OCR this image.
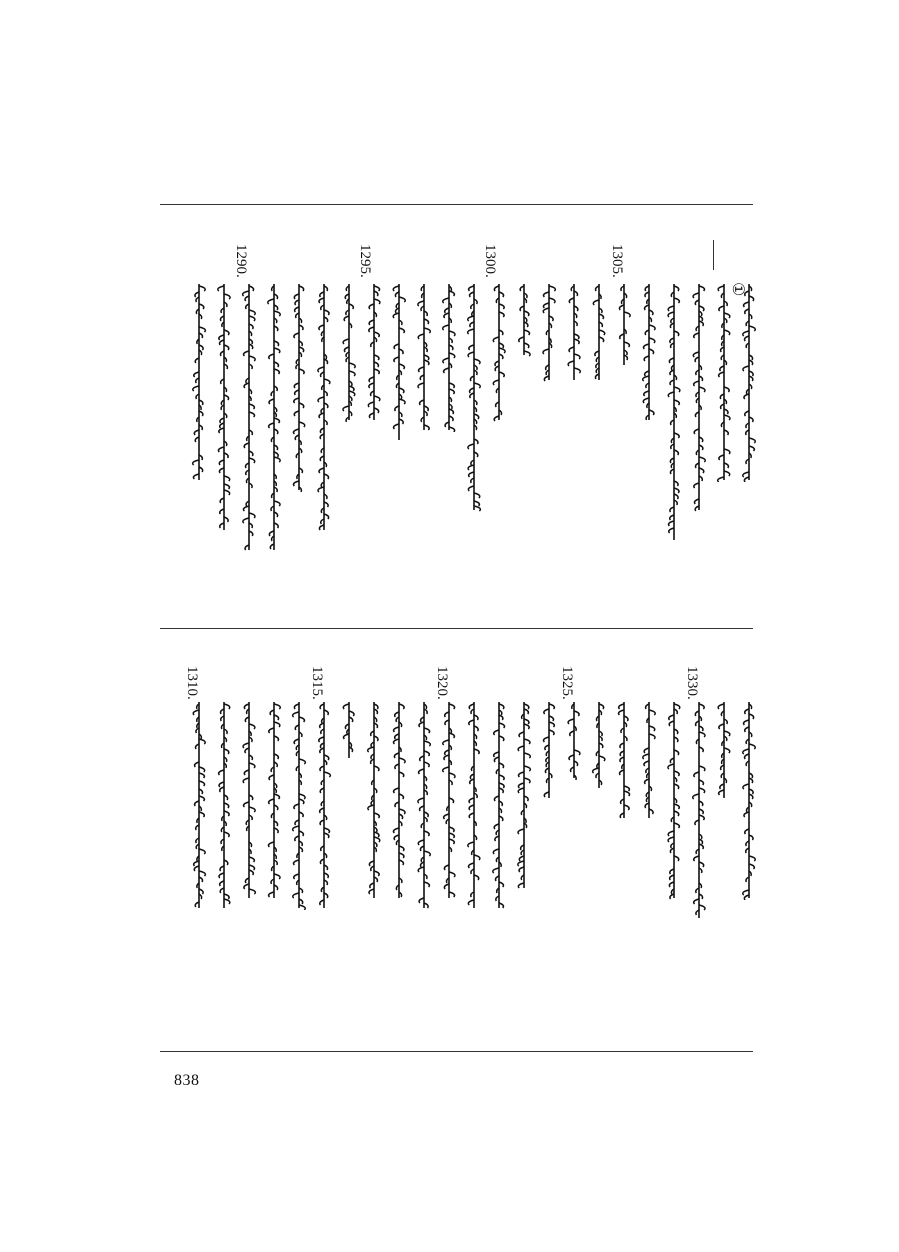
①
1305.
1300.
1295.
1290.
1330.
1325.
1320.
1315.
1310.
838
